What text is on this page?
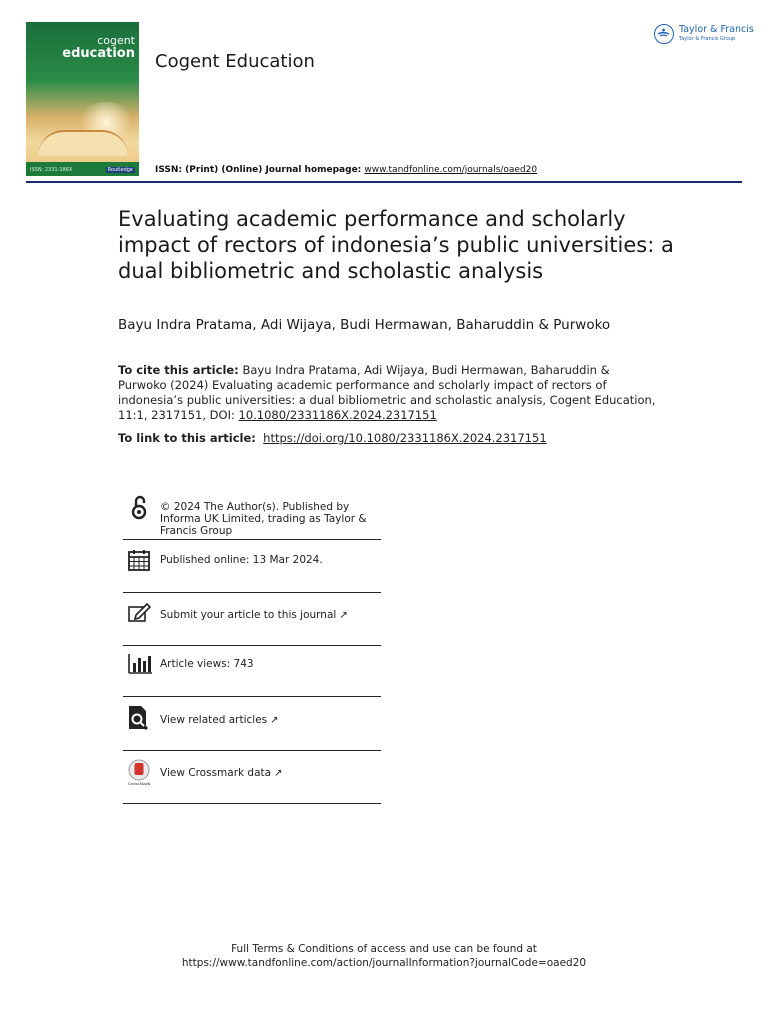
cogent
education
ISSN: 2331-186X	Routledge
Cogent Education
ISSN: (Print) (Online) Journal homepage: www.tandfonline.com/journals/oaed20
Taylor & Francis
Taylor & Francis Group
Evaluating academic performance and scholarly impact of rectors of indonesia’s public universities: a dual bibliometric and scholastic analysis
Bayu Indra Pratama, Adi Wijaya, Budi Hermawan, Baharuddin & Purwoko
To cite this article: Bayu Indra Pratama, Adi Wijaya, Budi Hermawan, Baharuddin & Purwoko (2024) Evaluating academic performance and scholarly impact of rectors of indonesia’s public universities: a dual bibliometric and scholastic analysis, Cogent Education, 11:1, 2317151, DOI: 10.1080/2331186X.2024.2317151
To link to this article: https://doi.org/10.1080/2331186X.2024.2317151
© 2024 The Author(s). Published by Informa UK Limited, trading as Taylor & Francis Group
Published online: 13 Mar 2024.
Submit your article to this journal ↗
Article views: 743
View related articles ↗
CrossMark
View Crossmark data ↗
Full Terms & Conditions of access and use can be found at
https://www.tandfonline.com/action/journalInformation?journalCode=oaed20
